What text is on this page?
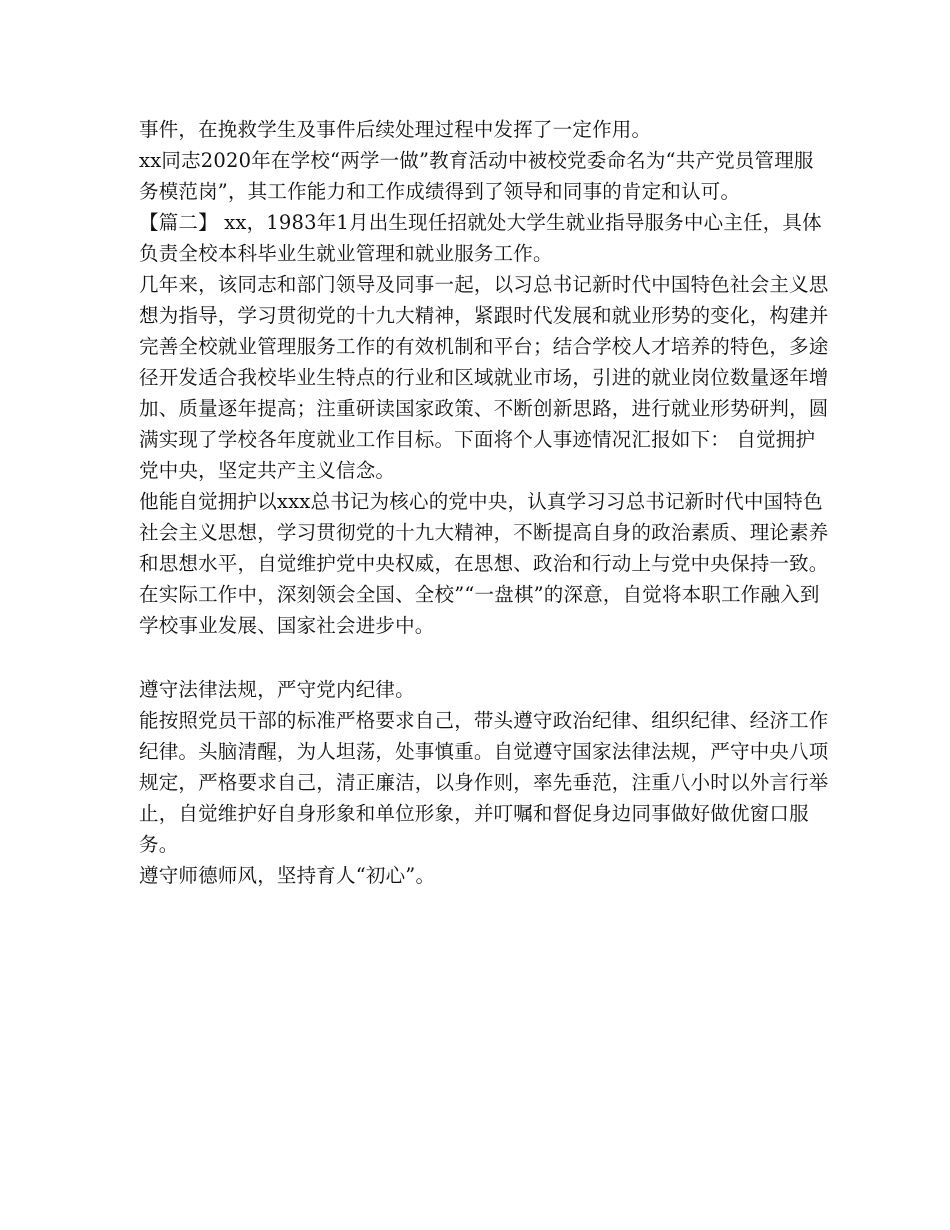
事件，在挽救学生及事件后续处理过程中发挥了一定作用。

xx同志2020年在学校“两学一做”教育活动中被校党委命名为“共产党员管理服务模范岗”，其工作能力和工作成绩得到了领导和同事的肯定和认可。

【篇二】 xx，1983年1月出生现任招就处大学生就业指导服务中心主任，具体负责全校本科毕业生就业管理和就业服务工作。

几年来，该同志和部门领导及同事一起，以习总书记新时代中国特色社会主义思想为指导，学习贯彻党的十九大精神，紧跟时代发展和就业形势的变化，构建并完善全校就业管理服务工作的有效机制和平台；结合学校人才培养的特色，多途径开发适合我校毕业生特点的行业和区域就业市场，引进的就业岗位数量逐年增加、质量逐年提高；注重研读国家政策、不断创新思路，进行就业形势研判，圆满实现了学校各年度就业工作目标。下面将个人事迹情况汇报如下： 自觉拥护党中央，坚定共产主义信念。

他能自觉拥护以xxx总书记为核心的党中央，认真学习习总书记新时代中国特色社会主义思想，学习贯彻党的十九大精神，不断提高自身的政治素质、理论素养和思想水平，自觉维护党中央权威，在思想、政治和行动上与党中央保持一致。在实际工作中，深刻领会全国、全校”“一盘棋”的深意，自觉将本职工作融入到学校事业发展、国家社会进步中。

遵守法律法规，严守党内纪律。

能按照党员干部的标准严格要求自己，带头遵守政治纪律、组织纪律、经济工作纪律。头脑清醒，为人坦荡，处事慎重。自觉遵守国家法律法规，严守中央八项规定，严格要求自己，清正廉洁，以身作则，率先垂范，注重八小时以外言行举止，自觉维护好自身形象和单位形象，并叮嘱和督促身边同事做好做优窗口服务。

遵守师德师风，坚持育人“初心”。
